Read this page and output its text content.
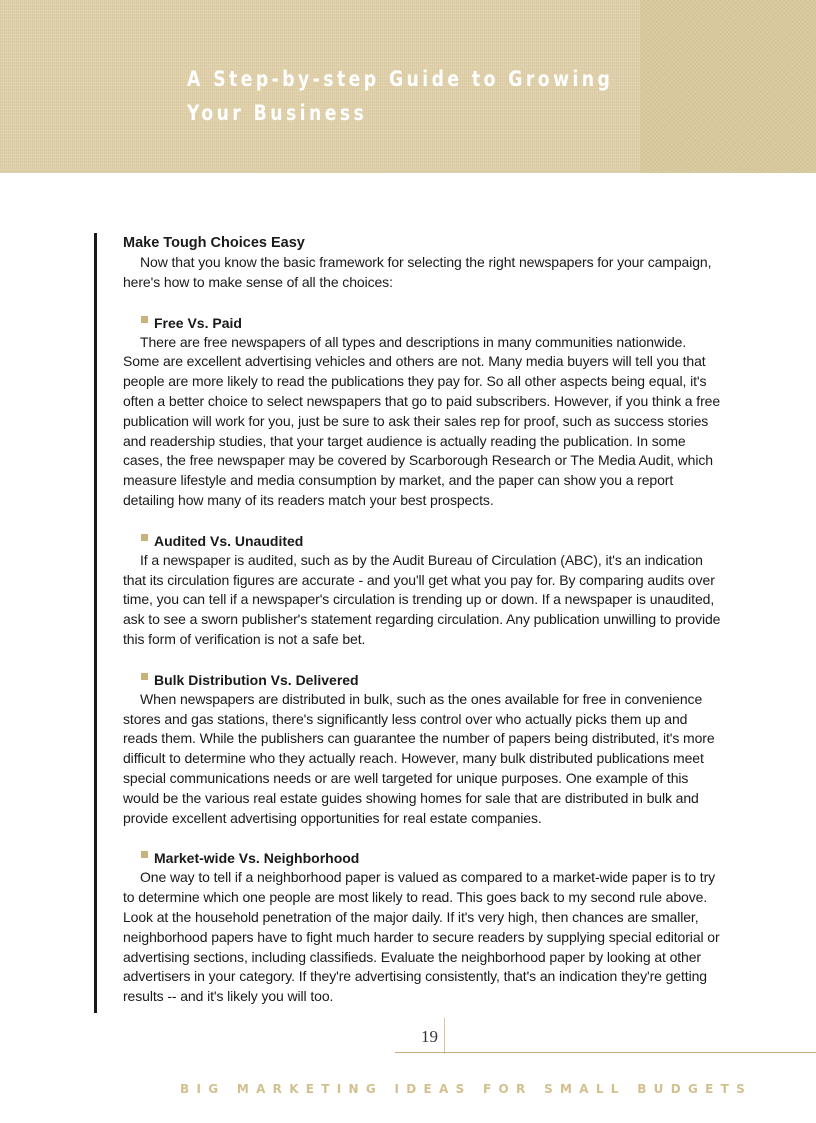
A Step-by-step Guide to Growing
Your Business
Make Tough Choices Easy

Now that you know the basic framework for selecting the right newspapers for your campaign, here's how to make sense of all the choices:

Free Vs. Paid

There are free newspapers of all types and descriptions in many communities nationwide. Some are excellent advertising vehicles and others are not. Many media buyers will tell you that people are more likely to read the publications they pay for. So all other aspects being equal, it's often a better choice to select newspapers that go to paid subscribers. However, if you think a free publication will work for you, just be sure to ask their sales rep for proof, such as success stories and readership studies, that your target audience is actually reading the publication. In some cases, the free newspaper may be covered by Scarborough Research or The Media Audit, which measure lifestyle and media consumption by market, and the paper can show you a report detailing how many of its readers match your best prospects.

Audited Vs. Unaudited

If a newspaper is audited, such as by the Audit Bureau of Circulation (ABC), it's an indication that its circulation figures are accurate - and you'll get what you pay for. By comparing audits over time, you can tell if a newspaper's circulation is trending up or down. If a newspaper is unaudited, ask to see a sworn publisher's statement regarding circulation. Any publication unwilling to provide this form of verification is not a safe bet.

Bulk Distribution Vs. Delivered

When newspapers are distributed in bulk, such as the ones available for free in convenience stores and gas stations, there's significantly less control over who actually picks them up and reads them. While the publishers can guarantee the number of papers being distributed, it's more difficult to determine who they actually reach. However, many bulk distributed publications meet special communications needs or are well targeted for unique purposes. One example of this would be the various real estate guides showing homes for sale that are distributed in bulk and provide excellent advertising opportunities for real estate companies.

Market-wide Vs. Neighborhood

One way to tell if a neighborhood paper is valued as compared to a market-wide paper is to try to determine which one people are most likely to read. This goes back to my second rule above. Look at the household penetration of the major daily. If it's very high, then chances are smaller, neighborhood papers have to fight much harder to secure readers by supplying special editorial or advertising sections, including classifieds. Evaluate the neighborhood paper by looking at other advertisers in your category. If they're advertising consistently, that's an indication they're getting results -- and it's likely you will too.

19
BIG MARKETING IDEAS FOR SMALL BUDGETS
